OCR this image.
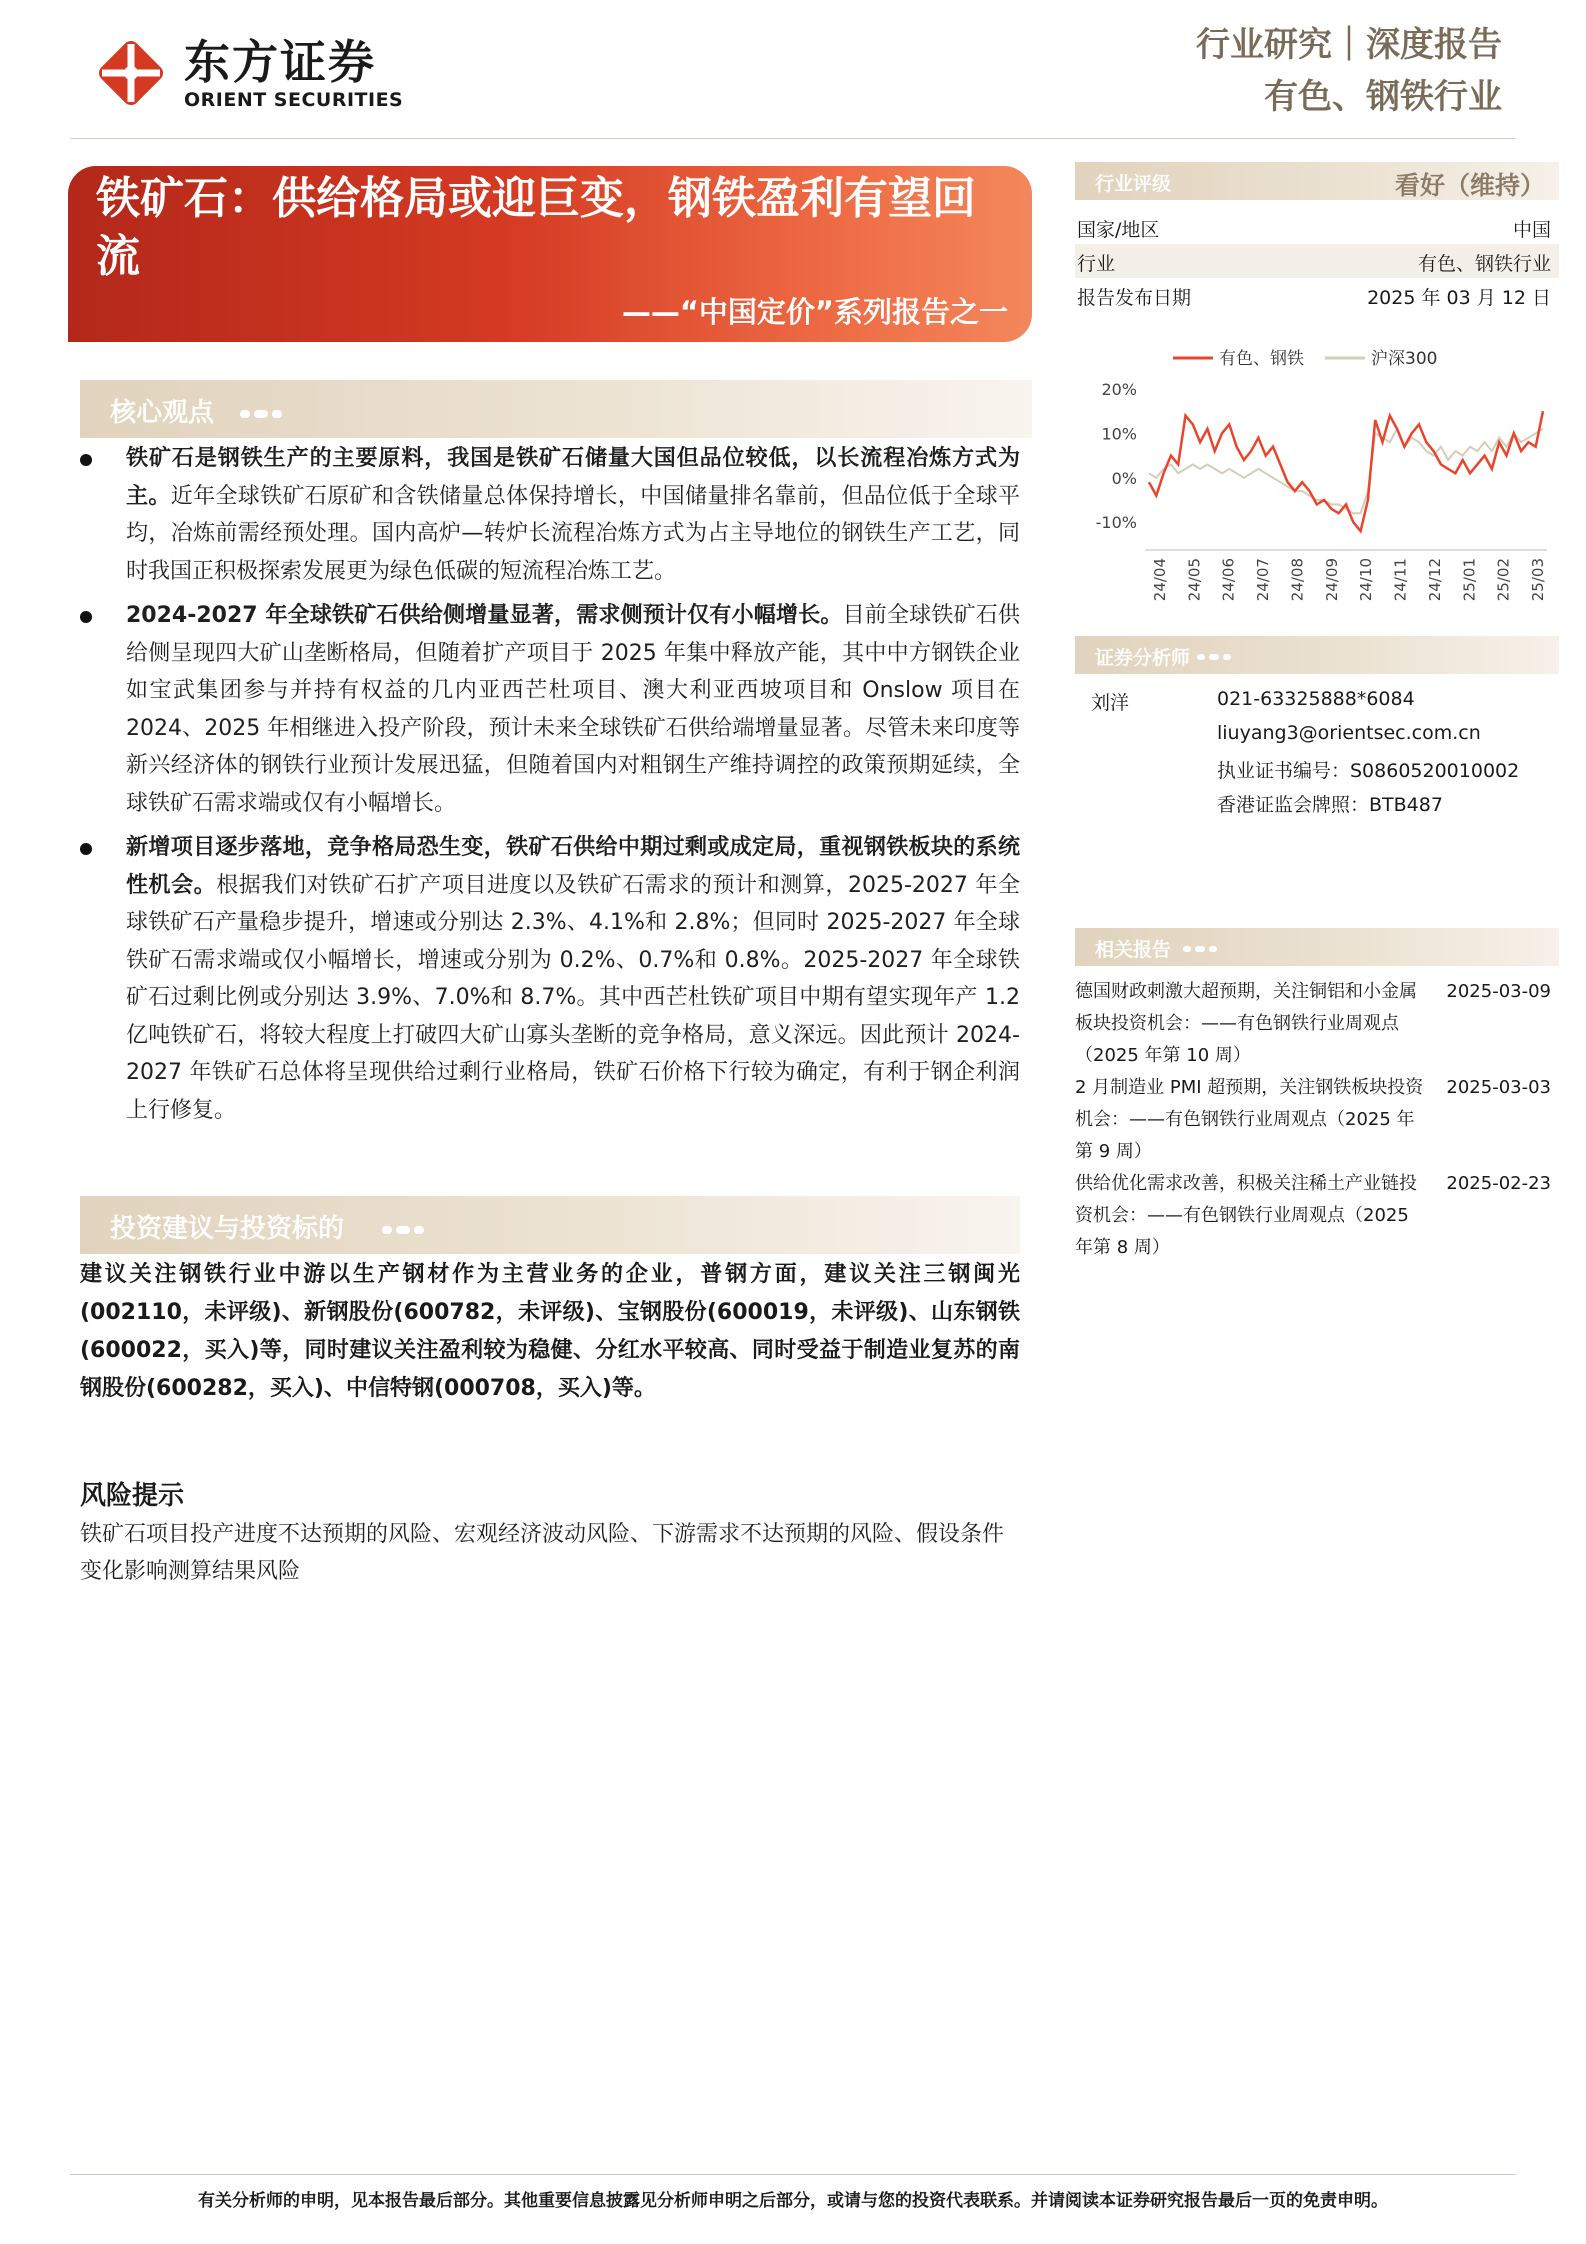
东方证券
ORIENT SECURITIES
行业研究｜深度报告
有色、钢铁行业
铁矿石：供给格局或迎巨变，钢铁盈利有望回流
——“中国定价”系列报告之一
核心观点
铁矿石是钢铁生产的主要原料，我国是铁矿石储量大国但品位较低，以长流程冶炼方式为主。近年全球铁矿石原矿和含铁储量总体保持增长，中国储量排名靠前，但品位低于全球平均，冶炼前需经预处理。国内高炉—转炉长流程冶炼方式为占主导地位的钢铁生产工艺，同时我国正积极探索发展更为绿色低碳的短流程冶炼工艺。
2024-2027 年全球铁矿石供给侧增量显著，需求侧预计仅有小幅增长。目前全球铁矿石供给侧呈现四大矿山垄断格局，但随着扩产项目于 2025 年集中释放产能，其中中方钢铁企业如宝武集团参与并持有权益的几内亚西芒杜项目、澳大利亚西坡项目和 Onslow 项目在 2024、2025 年相继进入投产阶段，预计未来全球铁矿石供给端增量显著。尽管未来印度等新兴经济体的钢铁行业预计发展迅猛，但随着国内对粗钢生产维持调控的政策预期延续，全球铁矿石需求端或仅有小幅增长。
新增项目逐步落地，竞争格局恐生变，铁矿石供给中期过剩或成定局，重视钢铁板块的系统性机会。根据我们对铁矿石扩产项目进度以及铁矿石需求的预计和测算，2025-2027 年全球铁矿石产量稳步提升，增速或分别达 2.3%、4.1%和 2.8%；但同时 2025-2027 年全球铁矿石需求端或仅小幅增长，增速或分别为 0.2%、0.7%和 0.8%。2025-2027 年全球铁矿石过剩比例或分别达 3.9%、7.0%和 8.7%。其中西芒杜铁矿项目中期有望实现年产 1.2 亿吨铁矿石，将较大程度上打破四大矿山寡头垄断的竞争格局，意义深远。因此预计 2024-2027 年铁矿石总体将呈现供给过剩行业格局，铁矿石价格下行较为确定，有利于钢企利润上行修复。
投资建议与投资标的
建议关注钢铁行业中游以生产钢材作为主营业务的企业，普钢方面，建议关注三钢闽光(002110，未评级)、新钢股份(600782，未评级)、宝钢股份(600019，未评级)、山东钢铁(600022，买入)等，同时建议关注盈利较为稳健、分红水平较高、同时受益于制造业复苏的南钢股份(600282，买入)、中信特钢(000708，买入)等。
风险提示
铁矿石项目投产进度不达预期的风险、宏观经济波动风险、下游需求不达预期的风险、假设条件变化影响测算结果风险
行业评级	看好（维持）
国家/地区	中国
行业	有色、钢铁行业
报告发布日期	2025 年 03 月 12 日
有色、钢铁	沪深300
20%
10%
0%
-10%
24/04 24/05 24/06 24/07 24/08 24/09 24/10 24/11 24/12 25/01 25/02 25/03
证券分析师
刘洋	021-63325888*6084
liuyang3@orientsec.com.cn
执业证书编号：S0860520010002
香港证监会牌照：BTB487
相关报告
德国财政刺激大超预期，关注铜铝和小金属板块投资机会：——有色钢铁行业周观点（2025 年第 10 周）
2025-03-09
2 月制造业 PMI 超预期，关注钢铁板块投资机会：——有色钢铁行业周观点（2025 年第 9 周）
2025-03-03
供给优化需求改善，积极关注稀土产业链投资机会：——有色钢铁行业周观点（2025 年第 8 周）
2025-02-23
有关分析师的申明，见本报告最后部分。其他重要信息披露见分析师申明之后部分，或请与您的投资代表联系。并请阅读本证券研究报告最后一页的免责申明。
